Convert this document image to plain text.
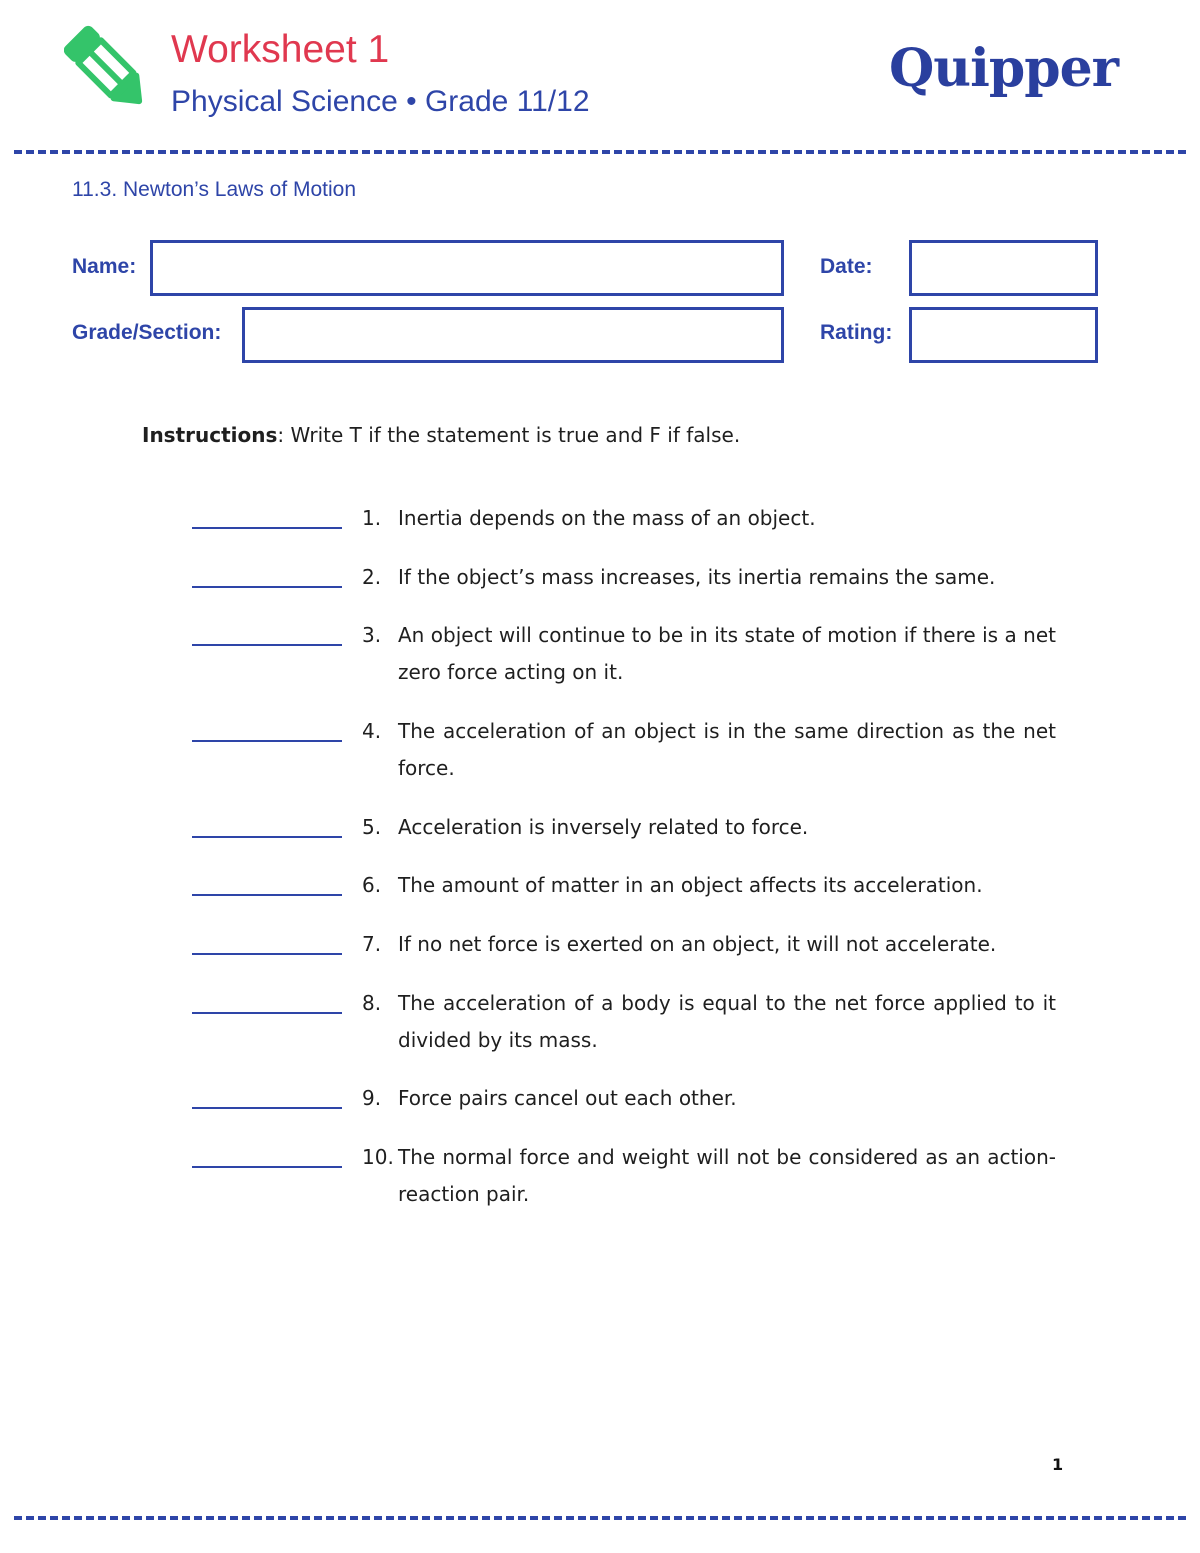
Worksheet 1
Physical Science • Grade 11/12
Quipper
11.3. Newton’s Laws of Motion
Name:	Date:
Grade/Section:	Rating:
Instructions: Write T if the statement is true and F if false.
1. Inertia depends on the mass of an object.

2. If the object’s mass increases, its inertia remains the same.

3. An object will continue to be in its state of motion if there is a net zero force acting on it.

4. The acceleration of an object is in the same direction as the net force.

5. Acceleration is inversely related to force.

6. The amount of matter in an object affects its acceleration.

7. If no net force is exerted on an object, it will not accelerate.

8. The acceleration of a body is equal to the net force applied to it divided by its mass.

9. Force pairs cancel out each other.

10. The normal force and weight will not be considered as an action-reaction pair.

1
